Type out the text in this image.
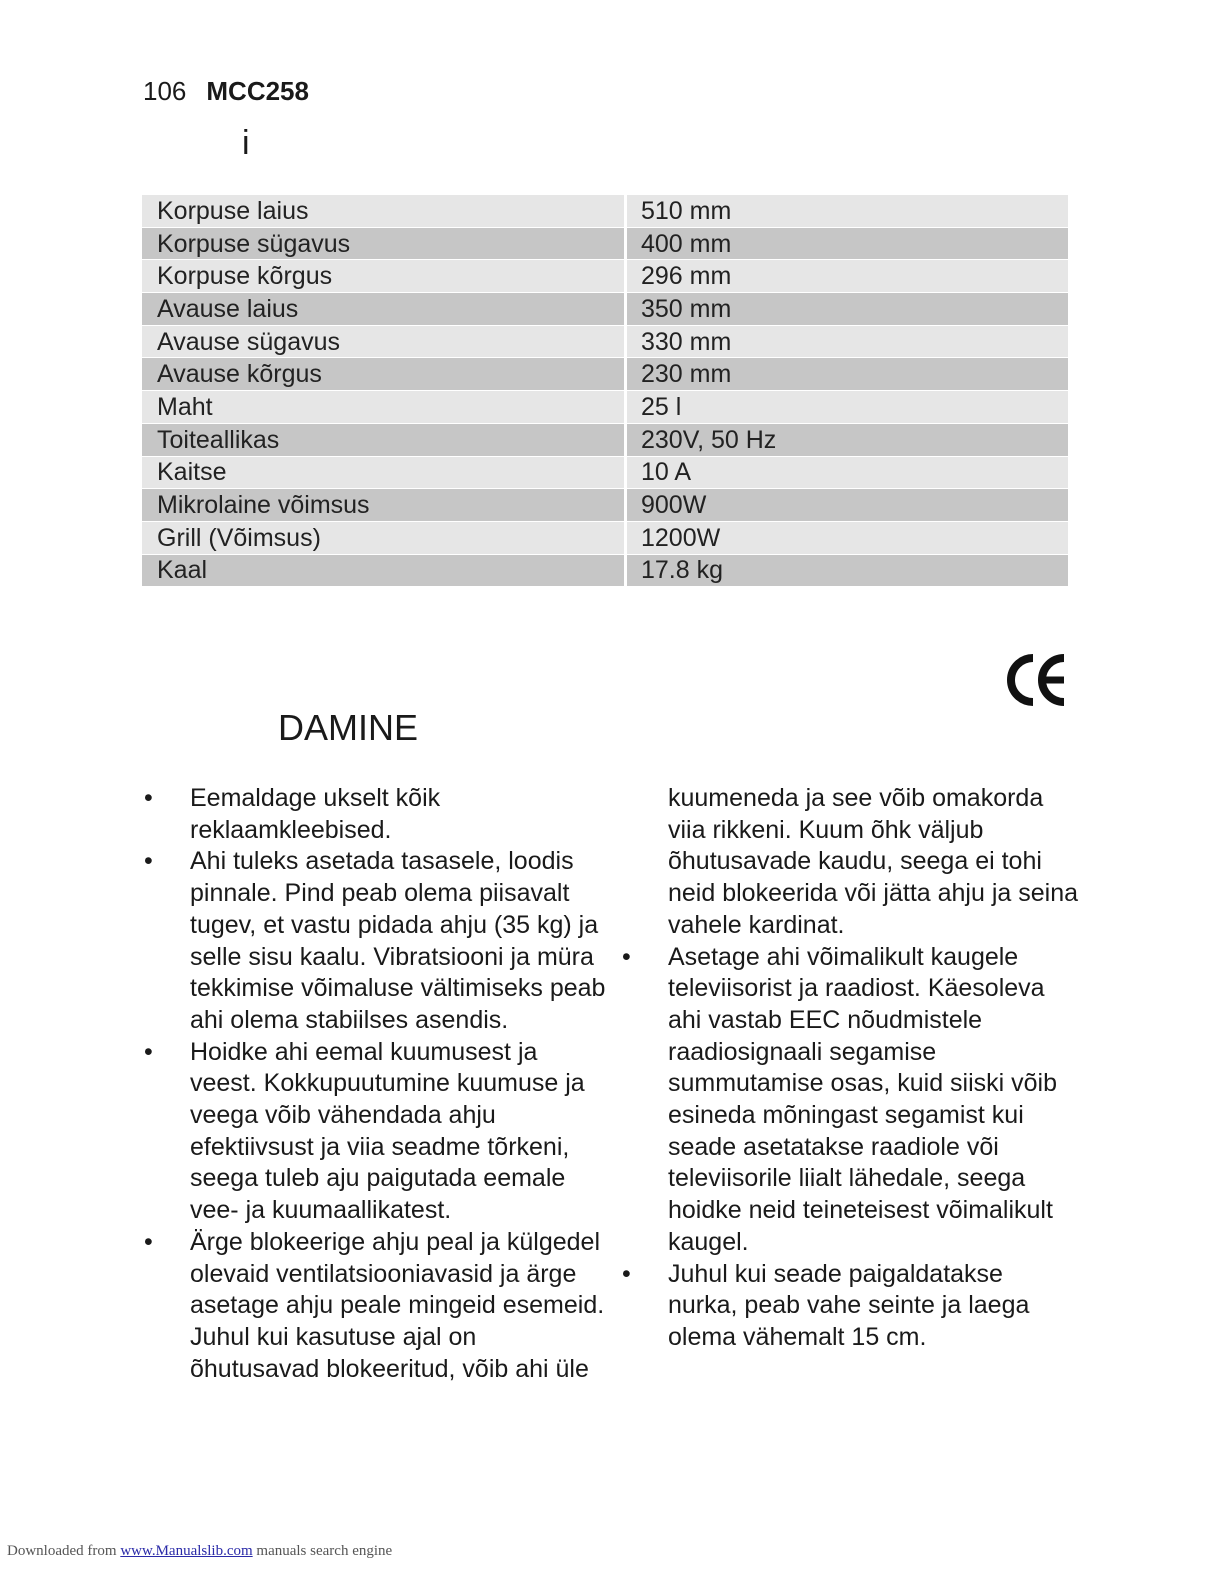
106 MCC258
i
Korpuse laius	510 mm
Korpuse sügavus	400 mm
Korpuse kõrgus	296 mm
Avause laius	350 mm
Avause sügavus	330 mm
Avause kõrgus	230 mm
Maht	25 l
Toiteallikas	230V, 50 Hz
Kaitse	10 A
Mikrolaine võimsus	900W
Grill (Võimsus)	1200W
Kaal	17.8 kg
DAMINE
•	Eemaldage ukselt kõik reklaamkleebised.
•	Ahi tuleks asetada tasasele, loodis pinnale. Pind peab olema piisavalt tugev, et vastu pidada ahju (35 kg) ja selle sisu kaalu. Vibratsiooni ja müra tekkimise võimaluse vältimiseks peab ahi olema stabiilses asendis.
•	Hoidke ahi eemal kuumusest ja veest. Kokkupuutumine kuumuse ja veega võib vähendada ahju efektiivsust ja viia seadme tõrkeni, seega tuleb aju paigutada eemale vee- ja kuumaallikatest.
•	Ärge blokeerige ahju peal ja külgedel olevaid ventilatsiooniavasid ja ärge asetage ahju peale mingeid esemeid. Juhul kui kasutuse ajal on õhutusavad blokeeritud, võib ahi üle
kuumeneda ja see võib omakorda viia rikkeni. Kuum õhk väljub õhutusavade kaudu, seega ei tohi neid blokeerida või jätta ahju ja seina vahele kardinat.
•	Asetage ahi võimalikult kaugele televiisorist ja raadiost. Käesoleva ahi vastab EEC nõudmistele raadiosignaali segamise summutamise osas, kuid siiski võib esineda mõningast segamist kui seade asetatakse raadiole või televiisorile liialt lähedale, seega hoidke neid teineteisest võimalikult kaugel.
•	Juhul kui seade paigaldatakse nurka, peab vahe seinte ja laega olema vähemalt 15 cm.
Downloaded from www.Manualslib.com manuals search engine
